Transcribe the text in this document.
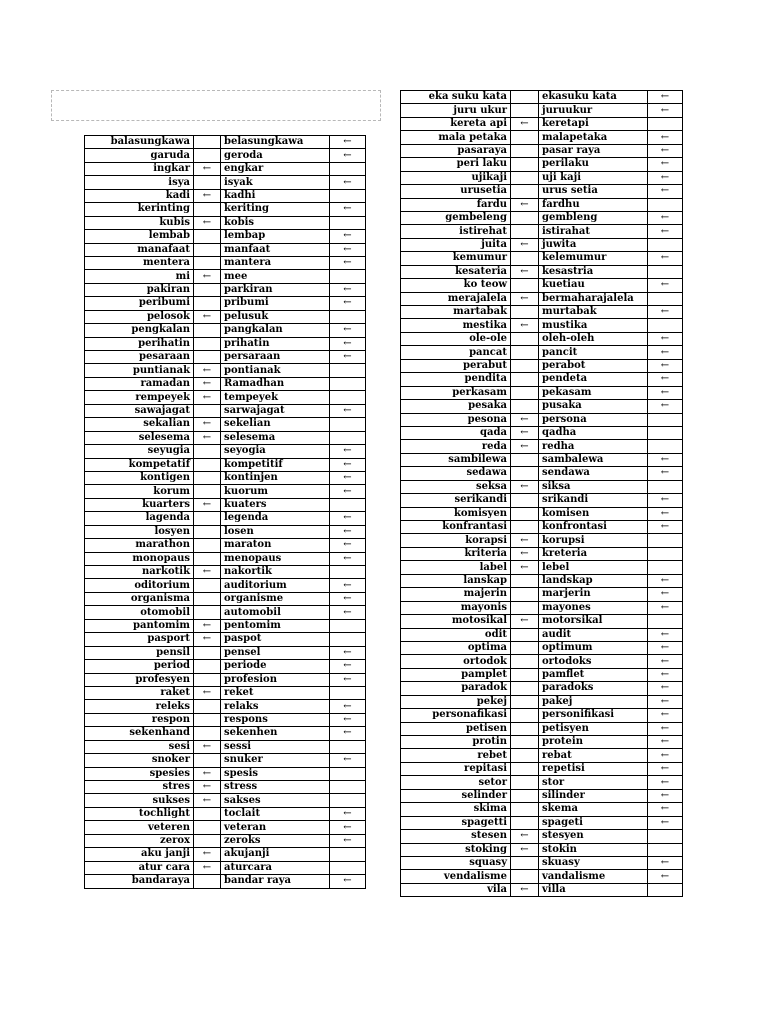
balasungkawa		belasungkawa	←
garuda		geroda	←
ingkar	←	engkar	
isya		isyak	←
kadi	←	kadhi	
kerinting		keriting	←
kubis	←	kobis	
lembab		lembap	←
manafaat		manfaat	←
mentera		mantera	←
mi	←	mee	
pakiran		parkiran	←
peribumi		pribumi	←
pelosok	←	pelusuk	
pengkalan		pangkalan	←
perihatin		prihatin	←
pesaraan		persaraan	←
puntianak	←	pontianak	
ramadan	←	Ramadhan	
rempeyek	←	tempeyek	
sawajagat		sarwajagat	←
sekalian	←	sekelian	
selesema	←	selesema	
seyugia		seyogia	←
kompetatif		kompetitif	←
kontigen		kontinjen	←
korum		kuorum	←
kuarters	←	kuaters	
lagenda		legenda	←
losyen		losen	←
marathon		maraton	←
monopaus		menopaus	←
narkotik	←	nakortik	
oditorium		auditorium	←
organisma		organisme	←
otomobil		automobil	←
pantomim	←	pentomim	
pasport	←	paspot	
pensil		pensel	←
period		periode	←
profesyen		profesion	←
raket	←	reket	
releks		relaks	←
respon		respons	←
sekenhand		sekenhen	←
sesi	←	sessi	
snoker		snuker	←
spesies	←	spesis	
stres	←	stress	
sukses	←	sakses	
tochlight		toclait	←
veteren		veteran	←
zerox		zeroks	←
aku janji	←	akujanji	
atur cara	←	aturcara	
bandaraya		bandar raya	←
eka suku kata		ekasuku kata	←
juru ukur		juruukur	←
kereta api	←	keretapi	
mala petaka		malapetaka	←
pasaraya		pasar raya	←
peri laku		perilaku	←
ujikaji		uji kaji	←
urusetia		urus setia	←
fardu	←	fardhu	
gembeleng		gembleng	←
istirehat		istirahat	←
juita	←	juwita	
kemumur		kelemumur	←
kesateria	←	kesastria	
ko teow		kuetiau	←
merajalela	←	bermaharajalela	
martabak		murtabak	←
mestika	←	mustika	
ole-ole		oleh-oleh	←
pancat		pancit	←
perabut		perabot	←
pendita		pendeta	←
perkasam		pekasam	←
pesaka		pusaka	←
pesona	←	persona	
qada	←	qadha	
reda	←	redha	
sambilewa		sambalewa	←
sedawa		sendawa	←
seksa	←	siksa	
serikandi		srikandi	←
komisyen		komisen	←
konfrantasi		konfrontasi	←
korapsi	←	korupsi	
kriteria	←	kreteria	
label	←	lebel	
lanskap		landskap	←
majerin		marjerin	←
mayonis		mayones	←
motosikal	←	motorsikal	
odit		audit	←
optima		optimum	←
ortodok		ortodoks	←
pamplet		pamflet	←
paradok		paradoks	←
pekej		pakej	←
personafikasi		personifikasi	←
petisen		petisyen	←
protin		protein	←
rebet		rebat	←
repitasi		repetisi	←
setor		stor	←
selinder		silinder	←
skima		skema	←
spagetti		spageti	←
stesen	←	stesyen	
stoking	←	stokin	
squasy		skuasy	←
vendalisme		vandalisme	←
vila	←	villa	
